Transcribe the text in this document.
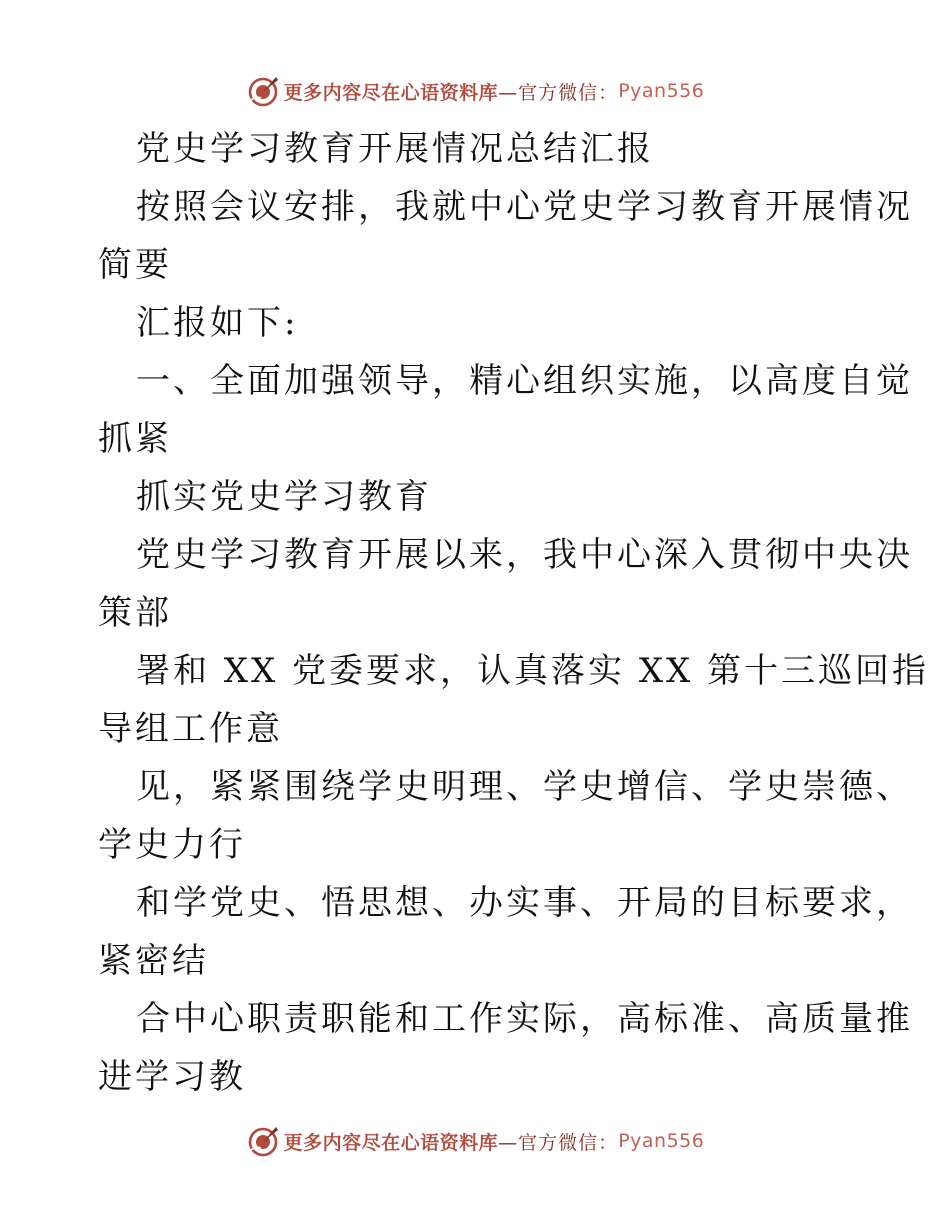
更多内容尽在心语资料库 —官方微信： Pyan556
党史学习教育开展情况总结汇报
按照会议安排，我就中心党史学习教育开展情况
简要
汇报如下:
一、全面加强领导，精心组织实施，以高度自觉
抓紧
抓实党史学习教育
党史学习教育开展以来，我中心深入贯彻中央决
策部
署和 XX 党委要求，认真落实 XX 第十三巡回指
导组工作意
见，紧紧围绕学史明理、学史增信、学史崇德、
学史力行
和学党史、悟思想、办实事、开局的目标要求，
紧密结
合中心职责职能和工作实际，高标准、高质量推
进学习教
更多内容尽在心语资料库 —官方微信： Pyan556
